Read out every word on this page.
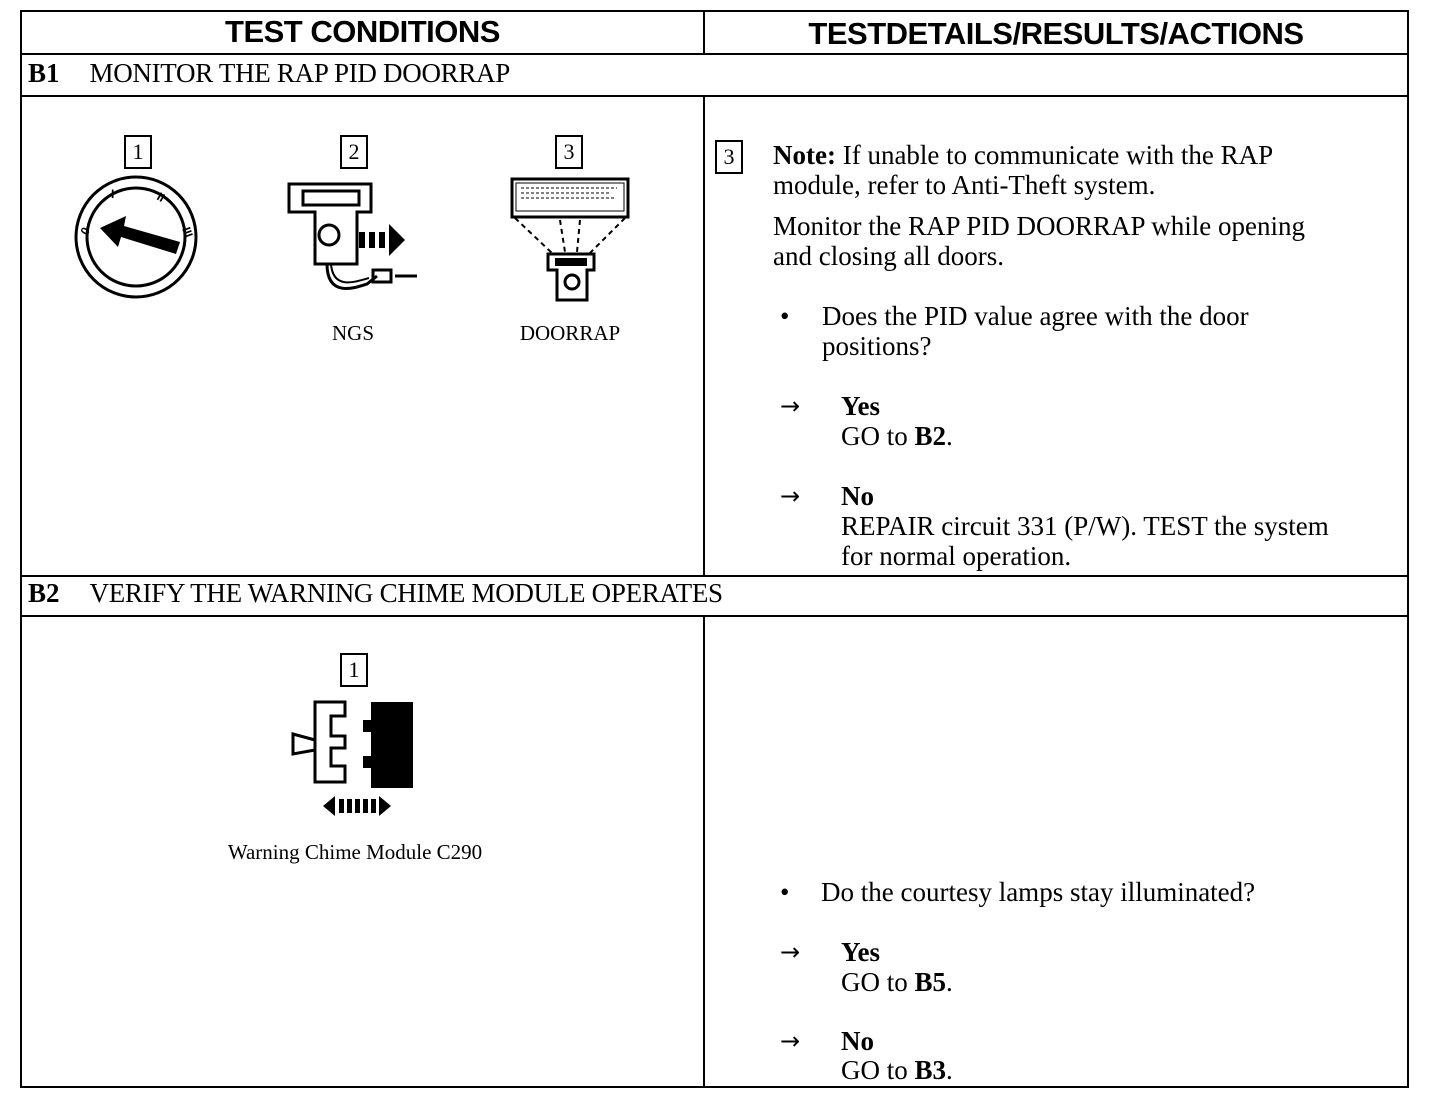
TEST CONDITIONS	TESTDETAILS/RESULTS/ACTIONS
B1 MONITOR THE RAP PID DOORRAP
1	2	3
0
I	II
III
NGS	DOORRAP
3	Note: If unable to communicate with the RAP
module, refer to Anti-Theft system.
Monitor the RAP PID DOORRAP while opening
and closing all doors.
• Does the PID value agree with the door
positions?
→ Yes
GO to B2.
→ No
REPAIR circuit 331 (P/W). TEST the system
for normal operation.
B2 VERIFY THE WARNING CHIME MODULE OPERATES
1
Warning Chime Module C290
• Do the courtesy lamps stay illuminated?
→ Yes
GO to B5.
→ No
GO to B3.
